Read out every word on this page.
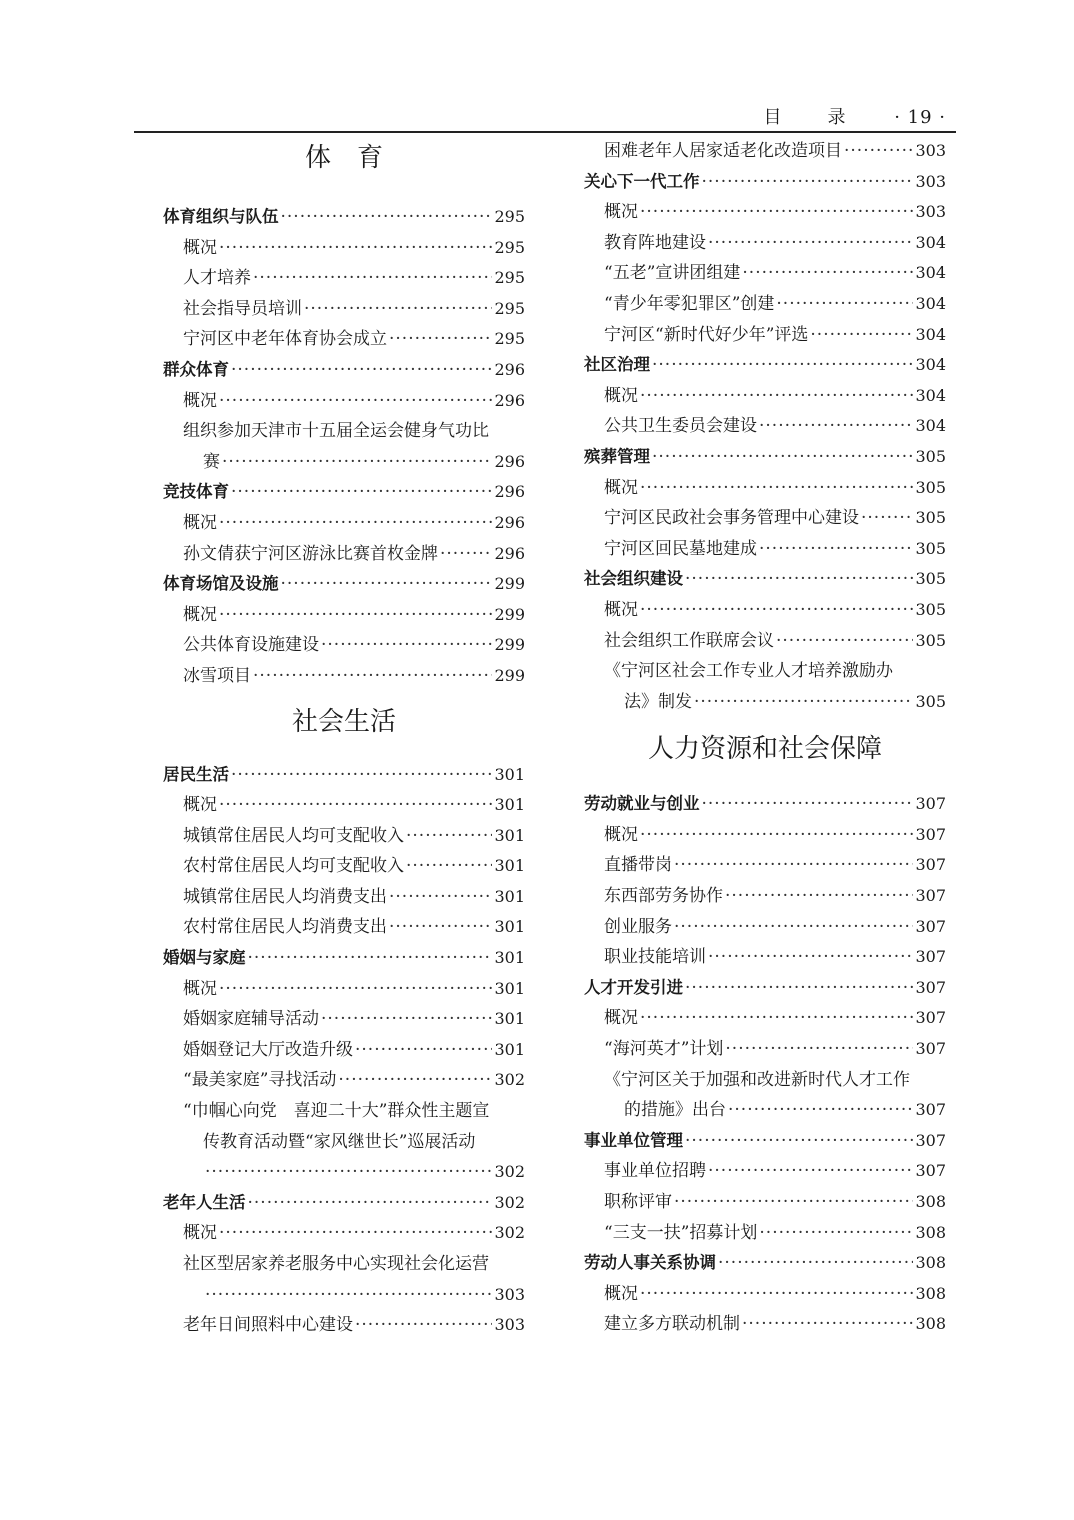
目　录 · 19 ·
体　育
体育组织与队伍 ·····	295
概况 ·····	295
人才培养 ·····	295
社会指导员培训 ·····	295
宁河区中老年体育协会成立 ·····	295
群众体育 ·····	296
概况 ·····	296
组织参加天津市十五届全运会健身气功比
赛 ·····	296
竞技体育 ·····	296
概况 ·····	296
孙文倩获宁河区游泳比赛首枚金牌 ·····	296
体育场馆及设施 ·····	299
概况 ·····	299
公共体育设施建设 ·····	299
冰雪项目 ·····	299
社会生活
居民生活 ·····	301
概况 ·····	301
城镇常住居民人均可支配收入 ·····	301
农村常住居民人均可支配收入 ·····	301
城镇常住居民人均消费支出 ·····	301
农村常住居民人均消费支出 ·····	301
婚姻与家庭 ·····	301
概况 ·····	301
婚姻家庭辅导活动 ·····	301
婚姻登记大厅改造升级 ·····	301
“最美家庭”寻找活动 ·····	302
“巾帼心向党　喜迎二十大”群众性主题宣
传教育活动暨“家风继世长”巡展活动
·····
302
老年人生活 ·····	302
概况 ·····	302
社区型居家养老服务中心实现社会化运营
·····
303
老年日间照料中心建设 ·····	303
困难老年人居家适老化改造项目 ·····	303
关心下一代工作 ·····	303
概况 ·····	303
教育阵地建设 ·····	304
“五老”宣讲团组建 ·····	304
“青少年零犯罪区”创建 ·····	304
宁河区“新时代好少年”评选 ·····	304
社区治理 ·····	304
概况 ·····	304
公共卫生委员会建设 ·····	304
殡葬管理 ·····	305
概况 ·····	305
宁河区民政社会事务管理中心建设 ·····	305
宁河区回民墓地建成 ·····	305
社会组织建设 ·····	305
概况 ·····	305
社会组织工作联席会议 ·····	305
《宁河区社会工作专业人才培养激励办
法》制发 ·····	305
人力资源和社会保障
劳动就业与创业 ·····	307
概况 ·····	307
直播带岗 ·····	307
东西部劳务协作 ·····	307
创业服务 ·····	307
职业技能培训 ·····	307
人才开发引进 ·····	307
概况 ·····	307
“海河英才”计划 ·····	307
《宁河区关于加强和改进新时代人才工作
的措施》出台 ·····	307
事业单位管理 ·····	307
事业单位招聘 ·····	307
职称评审 ·····	308
“三支一扶”招募计划 ·····	308
劳动人事关系协调 ·····	308
概况 ·····	308
建立多方联动机制 ·····	308
